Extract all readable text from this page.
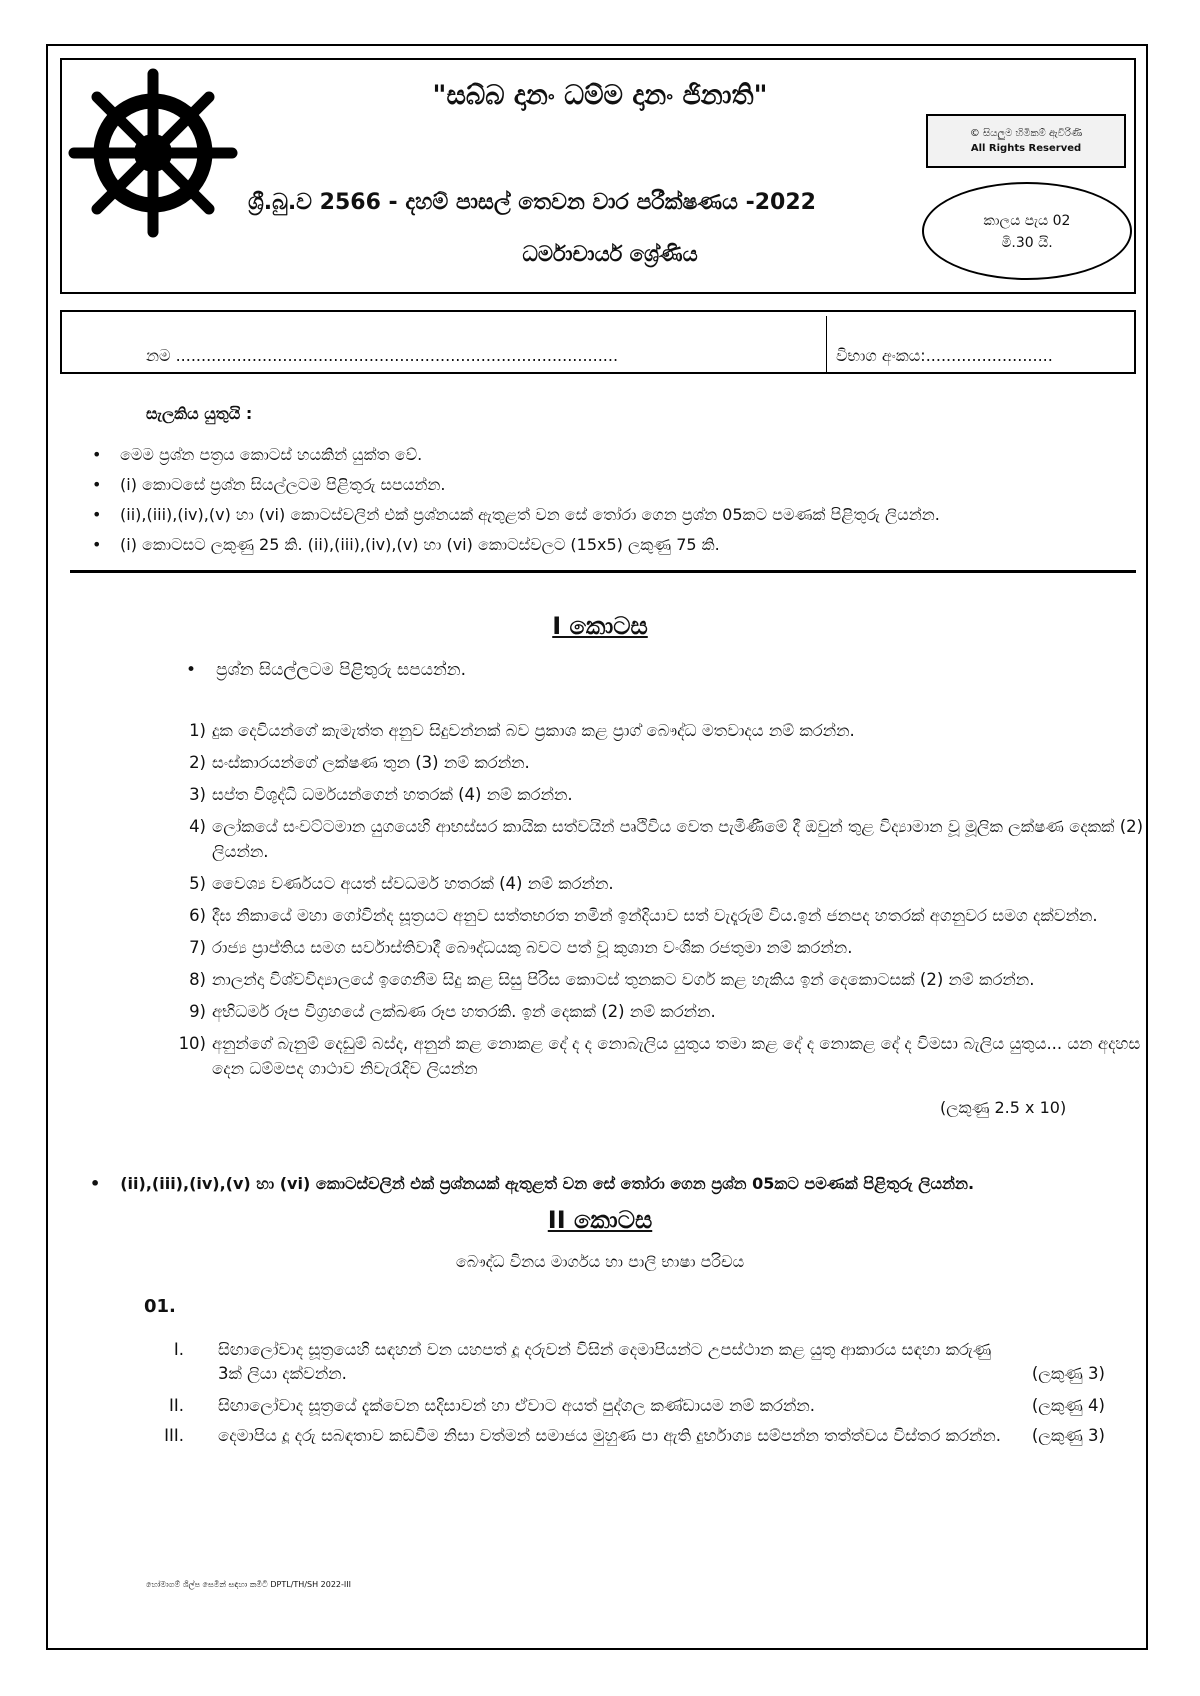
"සබ්බ දානං ධම්ම දානං ජිනාති"
© සියලුම හිමිකම් ඇවිරිණි
All Rights Reserved
ශ්‍රී.බු.ව 2566 - දහම් පාසල් තෙවන වාර පරීක්ෂණය -2022
ධර්මාචාර්ය ශ්‍රේණිය
කාලය පැය 02
මි.30 යි.
නම .......................................................................................	විභාග අංකය:.........................
සැලකිය යුතුයි :
• මෙම ප්‍රශ්න පත්‍රය කොටස් හයකින් යුක්ත වේ.
• (i) කොටසේ ප්‍රශ්න සියල්ලටම පිළිතුරු සපයන්න.
• (ii),(iii),(iv),(v) හා (vi) කොටස්වලින් එක් ප්‍රශ්නයක් ඇතුළත් වන සේ තෝරා ගෙන ප්‍රශ්න 05කට පමණක් පිළිතුරු ලියන්න.
• (i) කොටසට ලකුණු 25 කි. (ii),(iii),(iv),(v) හා (vi) කොටස්වලට (15x5) ලකුණු 75 කි.
I කොටස
• ප්‍රශ්න සියල්ලටම පිළිතුරු සපයන්න.
1) දුක දෙවියන්ගේ කැමැත්ත අනුව සිදුවන්නක් බව ප්‍රකාශ කළ ප්‍රාග් බෞද්ධ මතවාදය නම් කරන්න.
2) සංස්කාරයන්ගේ ලක්ෂණ තුන (3) නම් කරන්න.
3) සප්ත විශුද්ධි ධර්මයන්ගෙන් හතරක් (4) නම් කරන්න.
4) ලෝකයේ සංවට්ටමාන යුගයෙහි ආභස්සර කායික සත්වයින් පෘථිවිය වෙත පැමිණීමේ දී ඔවුන් තුළ විද්‍යාමාන වූ මූලික ලක්ෂණ දෙකක් (2) ලියන්න.
5) වෛශ්‍ය වර්ණයට අයත් ස්වධර්ම හතරක් (4) නම් කරන්න.
6) දීඝ නිකායේ මහා ගෝවින්ද සූත්‍රයට අනුව සත්තභරත නමින් ඉන්දියාව සත් වැදෑරුම් විය.ඉන් ජනපද හතරක් අගනුවර සමග දක්වන්න.
7) රාජ්‍ය ප්‍රාප්තිය සමග සර්වාස්තිවාදී බෞද්ධයකු බවට පත් වූ කුශාන වංශික රජතුමා නම් කරන්න.
8) නාලන්දා විශ්වවිද්‍යාලයේ ඉගෙනීම සිදු කළ සිසු පිරිස කොටස් තුනකට වර්ග කළ හැකිය ඉන් දෙකොටසක් (2) නම් කරන්න.
9) අභිධර්ම රූප විග්‍රහයේ ලක්ඛණ රූප හතරකි. ඉන් දෙකක් (2) නම් කරන්න.
10) අනුන්ගේ බැනුම් දෙඩුම් බස්ද, අනුන් කළ නොකළ දේ ද ද නොබැලිය යුතුය තමා කළ දේ ද නොකළ දේ ද විමසා බැලිය යුතුය... යන අදහස දෙන ධම්මපද ගාථාව නිවැරැදිව ලියන්න
(ලකුණු 2.5 x 10)
• (ii),(iii),(iv),(v) හා (vi) කොටස්වලින් එක් ප්‍රශ්නයක් ඇතුළත් වන සේ තෝරා ගෙන ප්‍රශ්න 05කට පමණක් පිළිතුරු ලියන්න.
II කොටස
බෞද්ධ විනය මාර්ගය හා පාලි භාෂා පරිචය
01.
I. සිඟාලෝවාද සූත්‍රයෙහි සඳහන් වන යහපත් දූ දරුවන් විසින් දෙමාපියන්ට උපස්ථාන කළ යුතු ආකාරය සඳහා කරුණු 3ක් ලියා දක්වන්න.	(ලකුණු 3)
II. සිඟාලෝවාද සූත්‍රයේ දැක්වෙන සදිසාවන් හා ඒවාට අයත් පුද්ගල කණ්ඩායම නම් කරන්න.	(ලකුණු 4)
III. දෙමාපිය දූ දරු සබඳතාව කඩවීම නිසා වත්මන් සමාජය මුහුණ පා ඇති දුර්භාග්‍ය සම්පන්න තත්ත්වය විස්තර කරන්න.	(ලකුණු 3)
හෝමාගම් ශිල්ප සෙමින් සඳහා කමිටි DPTL/TH/SH 2022-III
